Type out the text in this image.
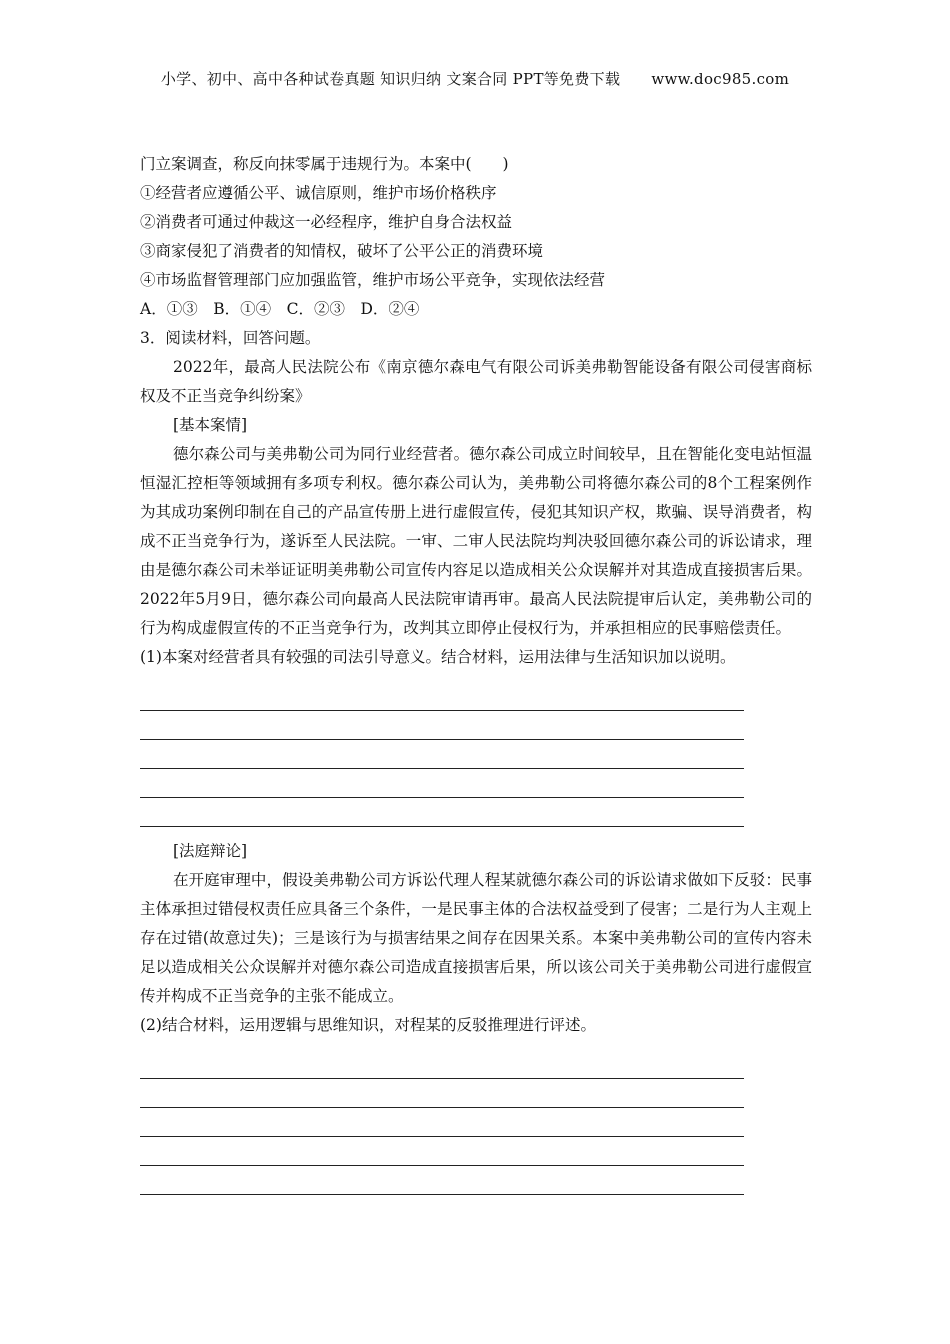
小学、初中、高中各种试卷真题 知识归纳 文案合同 PPT等免费下载 www.doc985.com
门立案调查，称反向抹零属于违规行为。本案中(　　)
①经营者应遵循公平、诚信原则，维护市场价格秩序
②消费者可通过仲裁这一必经程序，维护自身合法权益
③商家侵犯了消费者的知情权，破坏了公平公正的消费环境
④市场监督管理部门应加强监管，维护市场公平竞争，实现依法经营
A．①③　B．①④　C．②③　D．②④
3．阅读材料，回答问题。
2022年，最高人民法院公布《南京德尔森电气有限公司诉美弗勒智能设备有限公司侵害商标权及不正当竞争纠纷案》
[基本案情]
德尔森公司与美弗勒公司为同行业经营者。德尔森公司成立时间较早，且在智能化变电站恒温恒湿汇控柜等领域拥有多项专利权。德尔森公司认为，美弗勒公司将德尔森公司的8个工程案例作为其成功案例印制在自己的产品宣传册上进行虚假宣传，侵犯其知识产权，欺骗、误导消费者，构成不正当竞争行为，遂诉至人民法院。一审、二审人民法院均判决驳回德尔森公司的诉讼请求，理由是德尔森公司未举证证明美弗勒公司宣传内容足以造成相关公众误解并对其造成直接损害后果。2022年5月9日，德尔森公司向最高人民法院审请再审。最高人民法院提审后认定，美弗勒公司的行为构成虚假宣传的不正当竞争行为，改判其立即停止侵权行为，并承担相应的民事赔偿责任。
(1)本案对经营者具有较强的司法引导意义。结合材料，运用法律与生活知识加以说明。
[法庭辩论]
在开庭审理中，假设美弗勒公司方诉讼代理人程某就德尔森公司的诉讼请求做如下反驳：民事主体承担过错侵权责任应具备三个条件，一是民事主体的合法权益受到了侵害；二是行为人主观上存在过错(故意过失)；三是该行为与损害结果之间存在因果关系。本案中美弗勒公司的宣传内容未足以造成相关公众误解并对德尔森公司造成直接损害后果，所以该公司关于美弗勒公司进行虚假宣传并构成不正当竞争的主张不能成立。
(2)结合材料，运用逻辑与思维知识，对程某的反驳推理进行评述。
